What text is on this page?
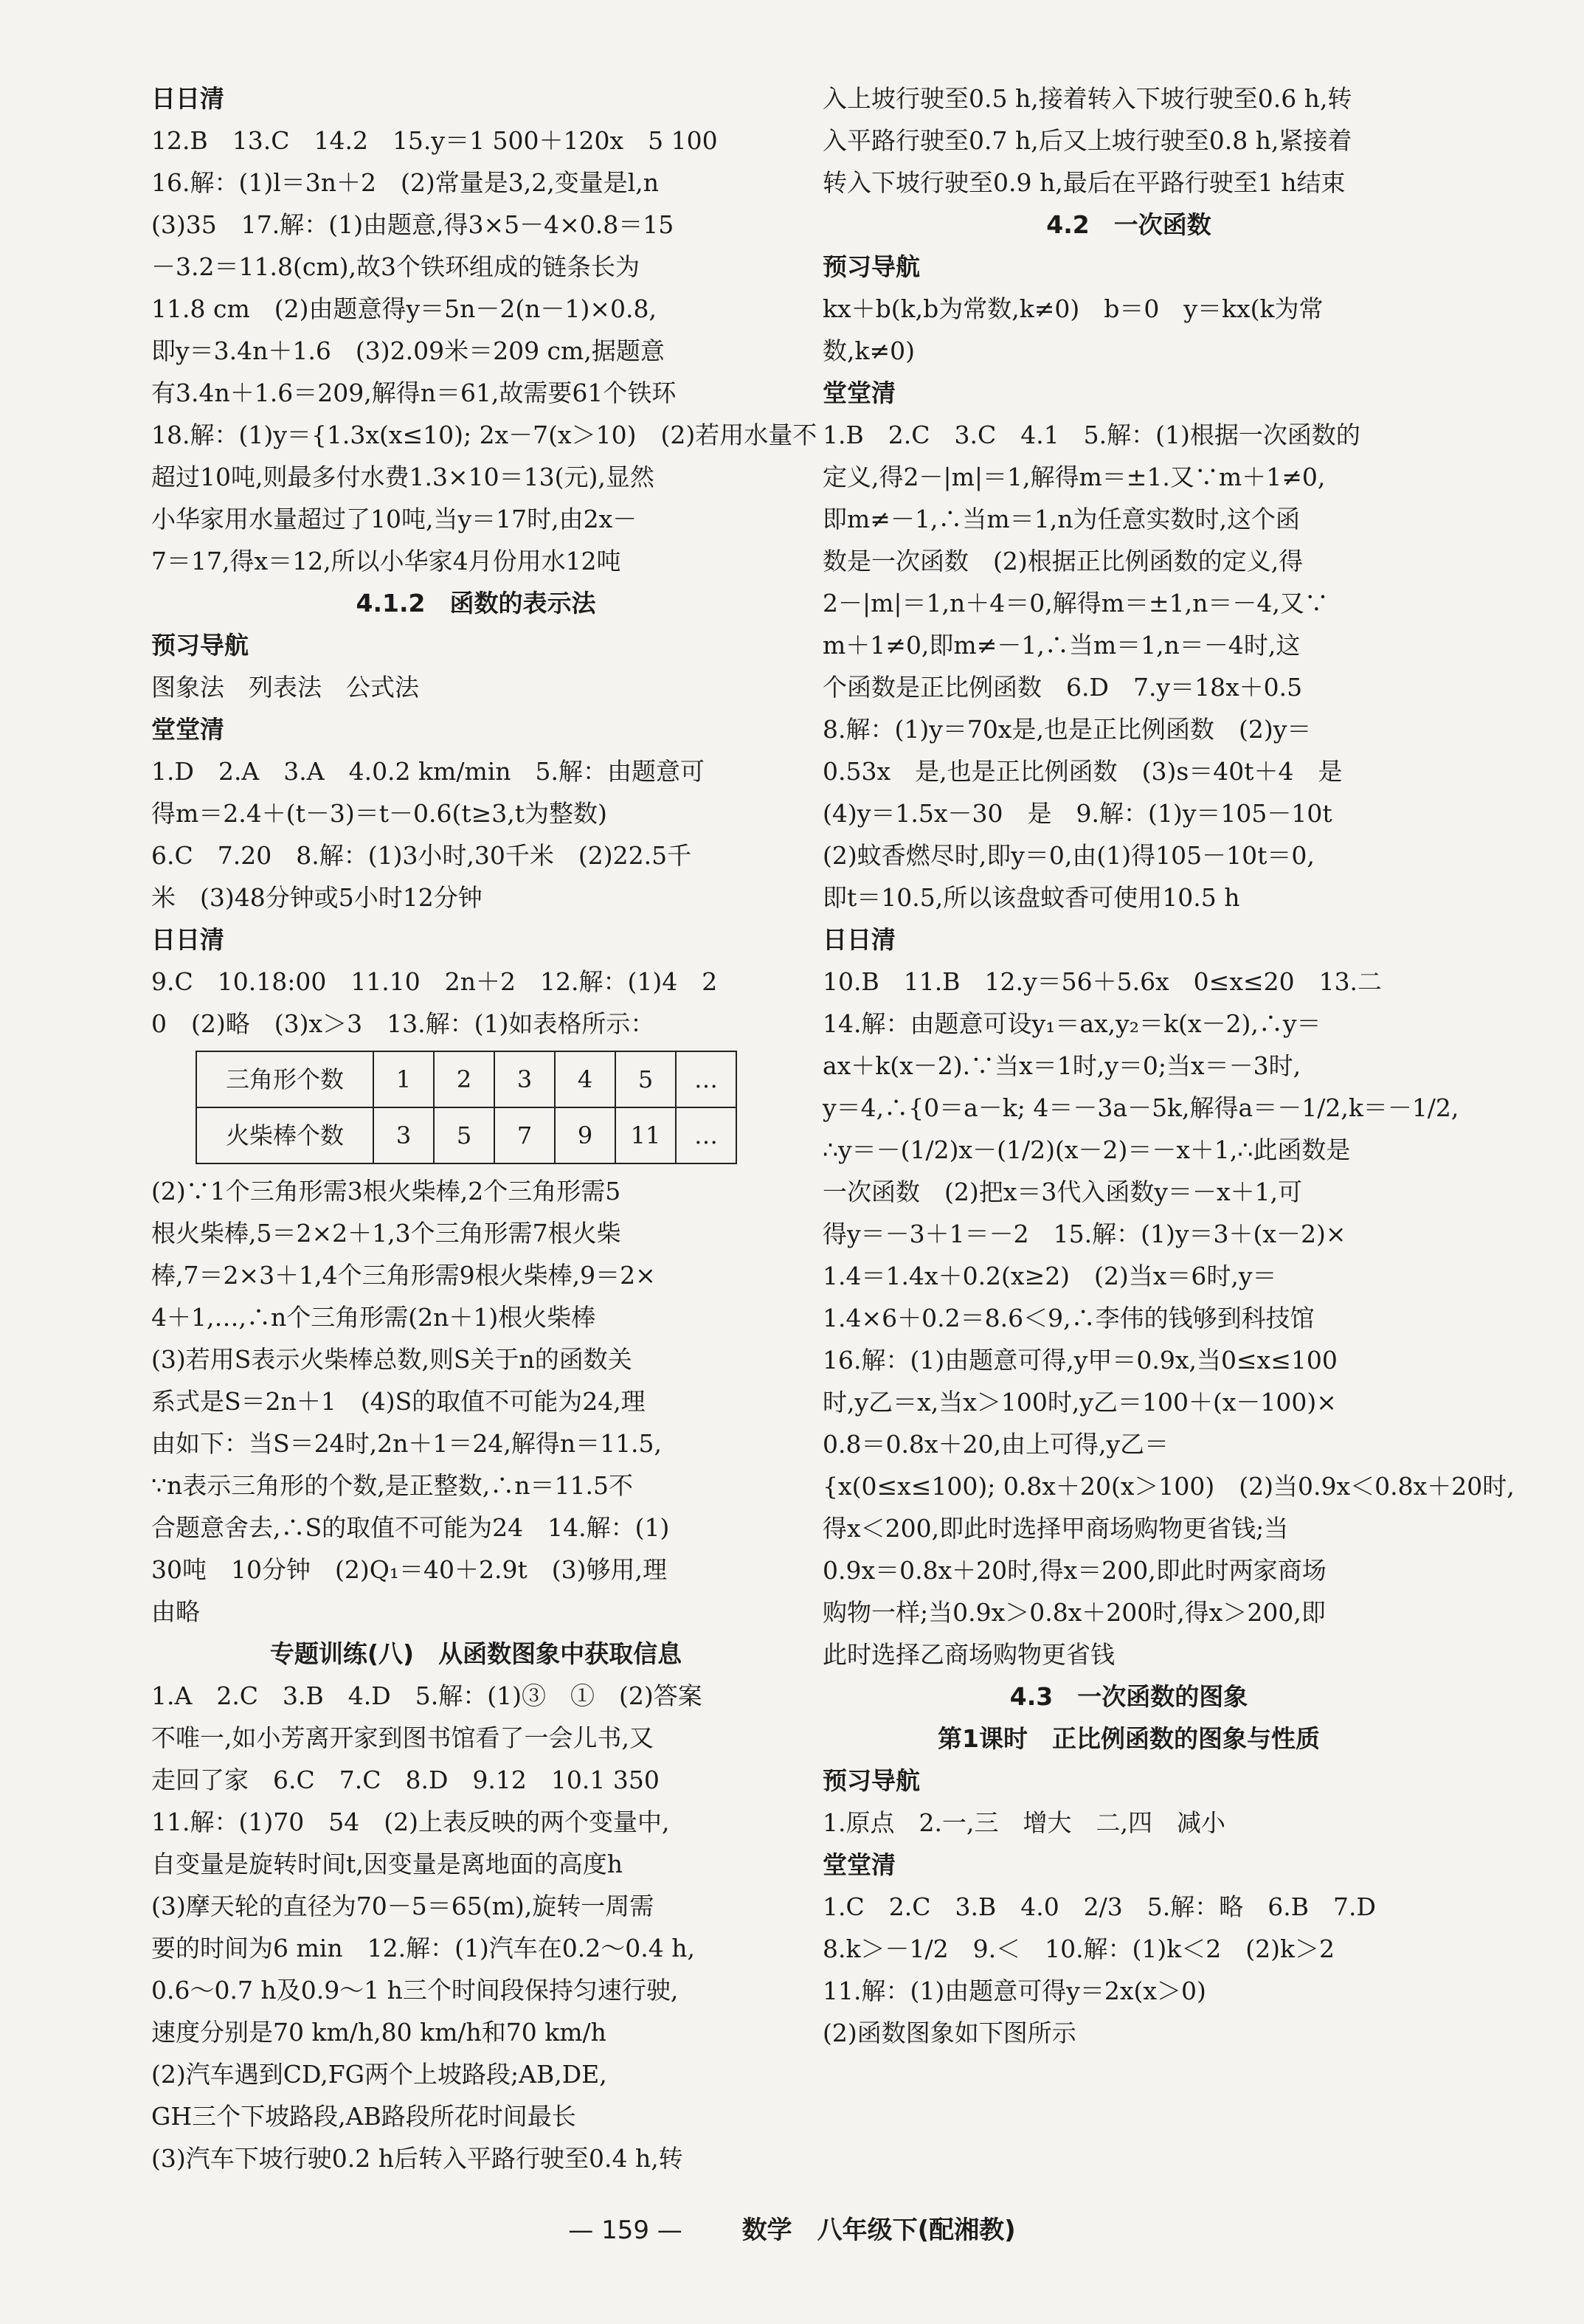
日日清
12.B　13.C　14.2　15.y＝1 500＋120x　5 100
16.解：(1)l＝3n＋2　(2)常量是3,2,变量是l,n
(3)35　17.解：(1)由题意,得3×5－4×0.8＝15
－3.2＝11.8(cm),故3个铁环组成的链条长为
11.8 cm　(2)由题意得y＝5n－2(n－1)×0.8,
即y＝3.4n＋1.6　(3)2.09米＝209 cm,据题意
有3.4n＋1.6＝209,解得n＝61,故需要61个铁环
18.解：(1)y＝{1.3x(x≤10); 2x－7(x＞10)　(2)若用水量不
超过10吨,则最多付水费1.3×10＝13(元),显然
小华家用水量超过了10吨,当y＝17时,由2x－
7＝17,得x＝12,所以小华家4月份用水12吨
4.1.2　函数的表示法
预习导航
图象法　列表法　公式法
堂堂清
1.D　2.A　3.A　4.0.2 km/min　5.解：由题意可
得m＝2.4＋(t－3)＝t－0.6(t≥3,t为整数)
6.C　7.20　8.解：(1)3小时,30千米　(2)22.5千
米　(3)48分钟或5小时12分钟
日日清
9.C　10.18:00　11.10　2n＋2　12.解：(1)4　2
0　(2)略　(3)x＞3　13.解：(1)如表格所示：
三角形个数	1	2	3	4	5	…
火柴棒个数	3	5	7	9	11	…
(2)∵1个三角形需3根火柴棒,2个三角形需5
根火柴棒,5＝2×2＋1,3个三角形需7根火柴
棒,7＝2×3＋1,4个三角形需9根火柴棒,9＝2×
4＋1,…,∴n个三角形需(2n＋1)根火柴棒
(3)若用S表示火柴棒总数,则S关于n的函数关
系式是S＝2n＋1　(4)S的取值不可能为24,理
由如下：当S＝24时,2n＋1＝24,解得n＝11.5,
∵n表示三角形的个数,是正整数,∴n＝11.5不
合题意舍去,∴S的取值不可能为24　14.解：(1)
30吨　10分钟　(2)Q₁＝40＋2.9t　(3)够用,理
由略
专题训练(八)　从函数图象中获取信息
1.A　2.C　3.B　4.D　5.解：(1)③　①　(2)答案
不唯一,如小芳离开家到图书馆看了一会儿书,又
走回了家　6.C　7.C　8.D　9.12　10.1 350
11.解：(1)70　54　(2)上表反映的两个变量中,
自变量是旋转时间t,因变量是离地面的高度h
(3)摩天轮的直径为70－5＝65(m),旋转一周需
要的时间为6 min　12.解：(1)汽车在0.2～0.4 h,
0.6～0.7 h及0.9～1 h三个时间段保持匀速行驶,
速度分别是70 km/h,80 km/h和70 km/h
(2)汽车遇到CD,FG两个上坡路段;AB,DE,
GH三个下坡路段,AB路段所花时间最长
(3)汽车下坡行驶0.2 h后转入平路行驶至0.4 h,转
入上坡行驶至0.5 h,接着转入下坡行驶至0.6 h,转
入平路行驶至0.7 h,后又上坡行驶至0.8 h,紧接着
转入下坡行驶至0.9 h,最后在平路行驶至1 h结束
4.2　一次函数
预习导航
kx＋b(k,b为常数,k≠0)　b＝0　y＝kx(k为常
数,k≠0)
堂堂清
1.B　2.C　3.C　4.1　5.解：(1)根据一次函数的
定义,得2－|m|＝1,解得m＝±1.又∵m＋1≠0,
即m≠－1,∴当m＝1,n为任意实数时,这个函
数是一次函数　(2)根据正比例函数的定义,得
2－|m|＝1,n＋4＝0,解得m＝±1,n＝－4,又∵
m＋1≠0,即m≠－1,∴当m＝1,n＝－4时,这
个函数是正比例函数　6.D　7.y＝18x＋0.5
8.解：(1)y＝70x是,也是正比例函数　(2)y＝
0.53x　是,也是正比例函数　(3)s＝40t＋4　是
(4)y＝1.5x－30　是　9.解：(1)y＝105－10t
(2)蚊香燃尽时,即y＝0,由(1)得105－10t＝0,
即t＝10.5,所以该盘蚊香可使用10.5 h
日日清
10.B　11.B　12.y＝56＋5.6x　0≤x≤20　13.二
14.解：由题意可设y₁＝ax,y₂＝k(x－2),∴y＝
ax＋k(x－2).∵当x＝1时,y＝0;当x＝－3时,
y＝4,∴{0＝a－k; 4＝－3a－5k,解得a＝－1/2,k＝－1/2,
∴y＝－(1/2)x－(1/2)(x－2)＝－x＋1,∴此函数是
一次函数　(2)把x＝3代入函数y＝－x＋1,可
得y＝－3＋1＝－2　15.解：(1)y＝3＋(x－2)×
1.4＝1.4x＋0.2(x≥2)　(2)当x＝6时,y＝
1.4×6＋0.2＝8.6＜9,∴李伟的钱够到科技馆
16.解：(1)由题意可得,y甲＝0.9x,当0≤x≤100
时,y乙＝x,当x＞100时,y乙＝100＋(x－100)×
0.8＝0.8x＋20,由上可得,y乙＝
{x(0≤x≤100); 0.8x＋20(x＞100)　(2)当0.9x＜0.8x＋20时,
得x＜200,即此时选择甲商场购物更省钱;当
0.9x＝0.8x＋20时,得x＝200,即此时两家商场
购物一样;当0.9x＞0.8x＋200时,得x＞200,即
此时选择乙商场购物更省钱
4.3　一次函数的图象
第1课时　正比例函数的图象与性质
预习导航
1.原点　2.一,三　增大　二,四　减小
堂堂清
1.C　2.C　3.B　4.0　2/3　5.解：略　6.B　7.D
8.k＞－1/2　9.＜　10.解：(1)k＜2　(2)k＞2
11.解：(1)由题意可得y＝2x(x＞0)
(2)函数图象如下图所示
— 159 — 数学　八年级下(配湘教)
